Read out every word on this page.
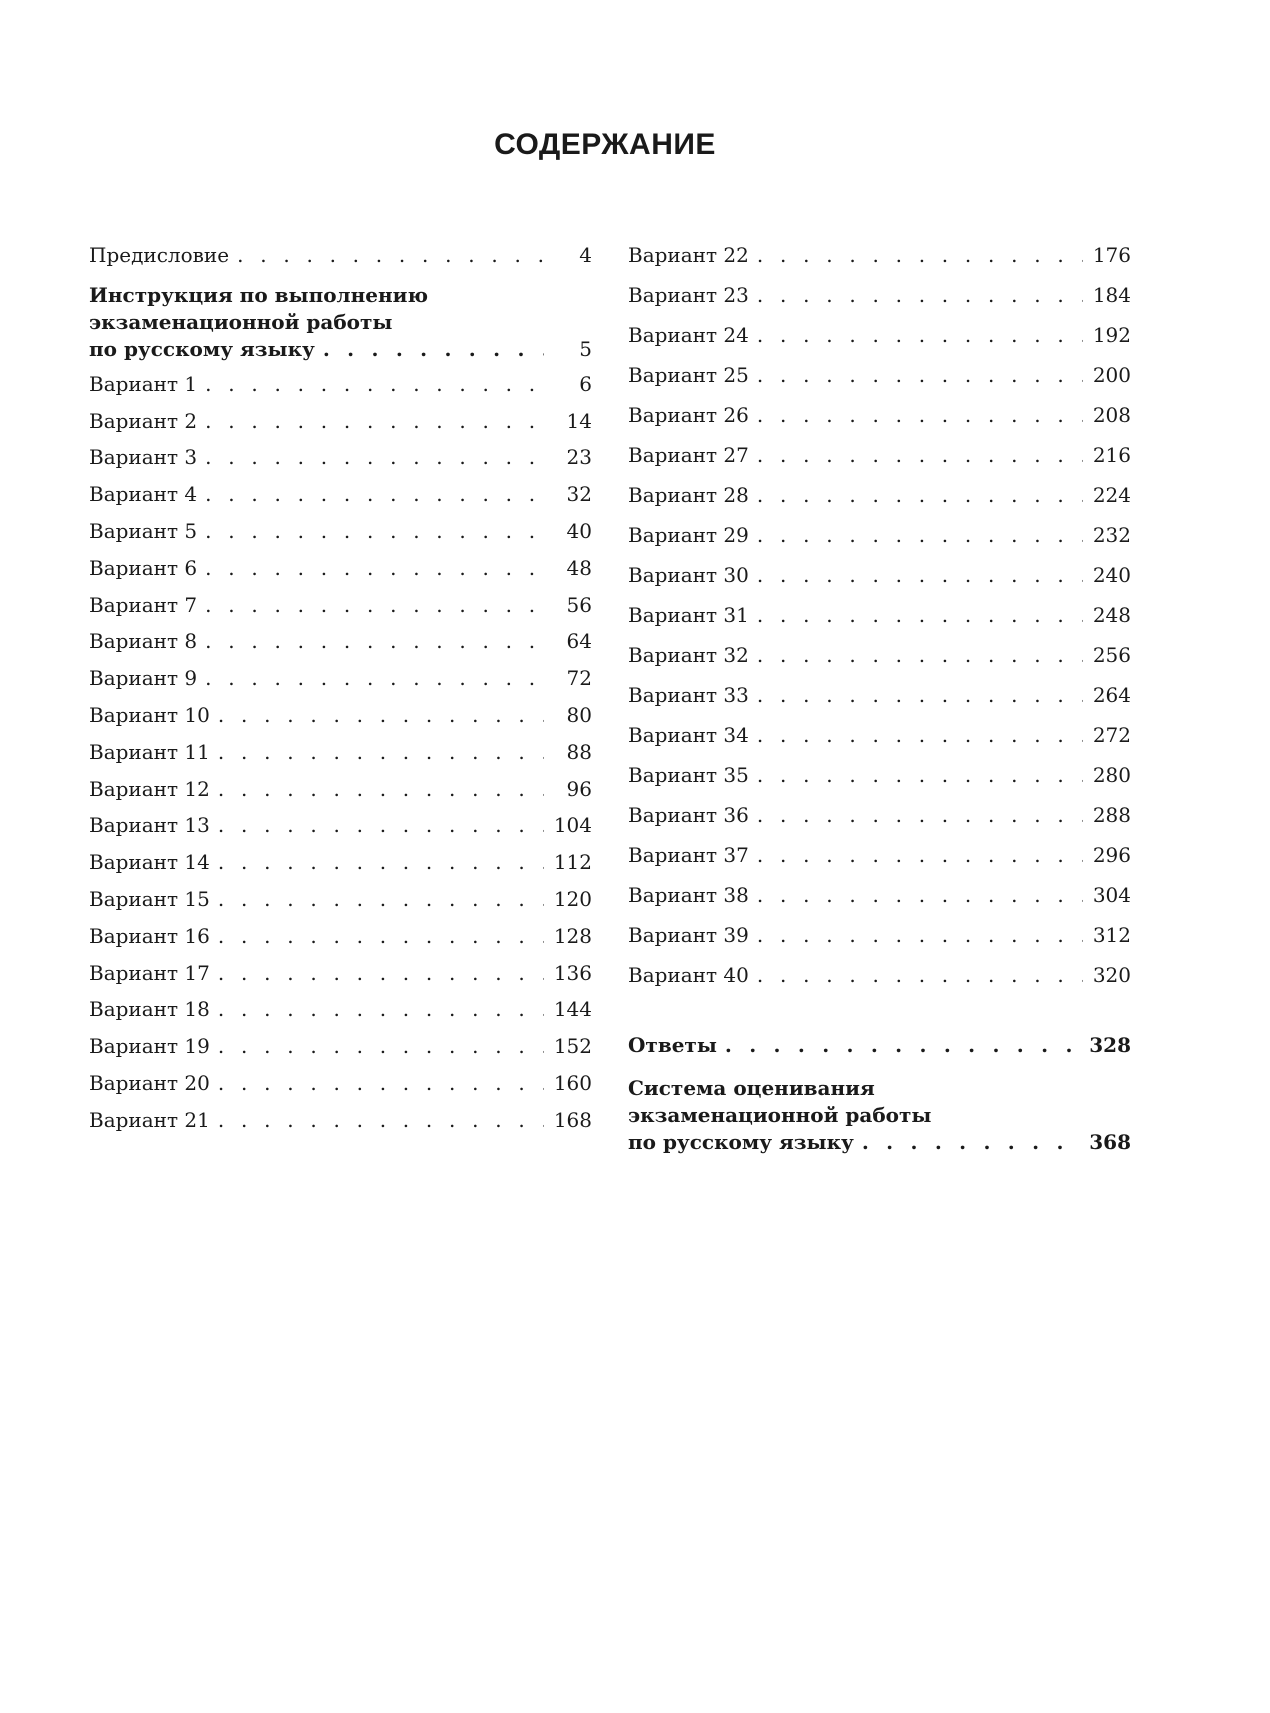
СОДЕРЖАНИЕ
Предисловие . . .	4
Инструкция по выполнению
экзаменационной работы
по русскому языку . . .	5
Вариант 1 . . .	6
Вариант 2 . . .	14
Вариант 3 . . .	23
Вариант 4 . . .	32
Вариант 5 . . .	40
Вариант 6 . . .	48
Вариант 7 . . .	56
Вариант 8 . . .	64
Вариант 9 . . .	72
Вариант 10 . . .	80
Вариант 11 . . .	88
Вариант 12 . . .	96
Вариант 13 . . .	104
Вариант 14 . . .	112
Вариант 15 . . .	120
Вариант 16 . . .	128
Вариант 17 . . .	136
Вариант 18 . . .	144
Вариант 19 . . .	152
Вариант 20 . . .	160
Вариант 21 . . .	168
Вариант 22 . . .	176
Вариант 23 . . .	184
Вариант 24 . . .	192
Вариант 25 . . .	200
Вариант 26 . . .	208
Вариант 27 . . .	216
Вариант 28 . . .	224
Вариант 29 . . .	232
Вариант 30 . . .	240
Вариант 31 . . .	248
Вариант 32 . . .	256
Вариант 33 . . .	264
Вариант 34 . . .	272
Вариант 35 . . .	280
Вариант 36 . . .	288
Вариант 37 . . .	296
Вариант 38 . . .	304
Вариант 39 . . .	312
Вариант 40 . . .	320
Ответы . . .	328
Система оценивания
экзаменационной работы
по русскому языку . . .	368
